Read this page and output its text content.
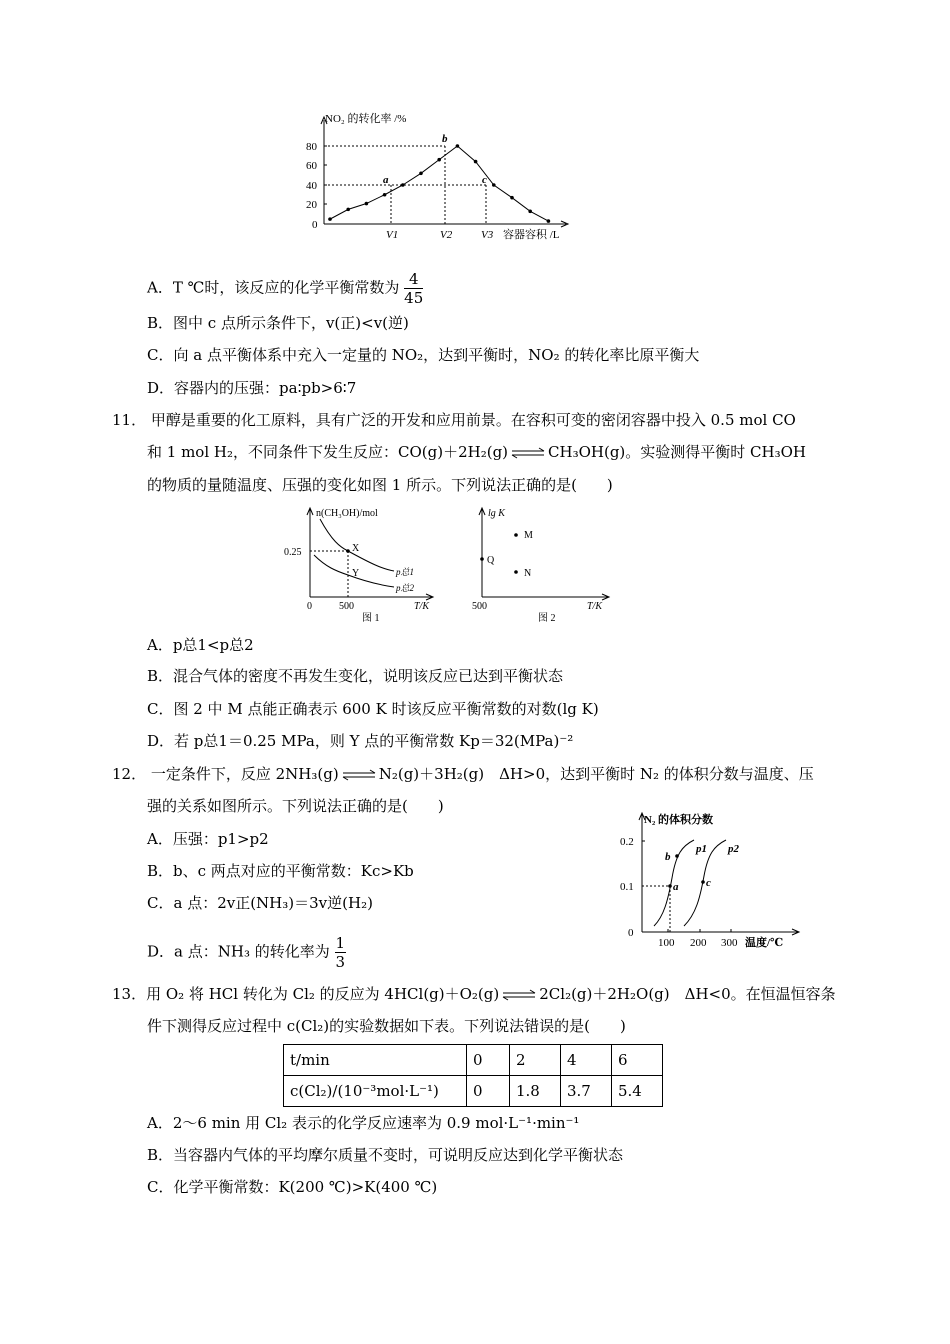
NO₂ 的转化率 /%
80
60
40
20
0
V1	V2	V3 容器容积 /L
a
b
c
A．T ℃时，该反应的化学平衡常数为 $\frac{4}{45}$
B．图中 c 点所示条件下，v(正)<v(逆)
C．向 a 点平衡体系中充入一定量的 NO₂，达到平衡时，NO₂ 的转化率比原平衡大
D．容器内的压强：pa∶pb>6∶7
11． 甲醇是重要的化工原料，具有广泛的开发和应用前景。在容积可变的密闭容器中投入 0.5 mol CO
和 1 mol H₂，不同条件下发生反应：CO(g)＋2H₂(g) ⇌ CH₃OH(g)。实验测得平衡时 CH₃OH
的物质的量随温度、压强的变化如图 1 所示。下列说法正确的是(　　)
n(CH₃OH)/mol
0.25
0	500	T/K
X
Y	p总1
p总2
图 1
lg K
M
Q
N
500	T/K
图 2
A．p总1<p总2
B．混合气体的密度不再发生变化，说明该反应已达到平衡状态
C．图 2 中 M 点能正确表示 600 K 时该反应平衡常数的对数(lg K)
D．若 p总1＝0.25 MPa，则 Y 点的平衡常数 Kp＝32(MPa)⁻²
12． 一定条件下，反应 2NH₃(g) ⇌ N₂(g)＋3H₂(g)　ΔH>0，达到平衡时 N₂ 的体积分数与温度、压
强的关系如图所示。下列说法正确的是(　　)
A．压强：p1>p2
B．b、c 两点对应的平衡常数：Kc>Kb
C．a 点：2v正(NH₃)＝3v逆(H₂)
D．a 点：NH₃ 的转化率为 $\frac{1}{3}$
N₂ 的体积分数
0.2
0.1
0
100 200 300 温度/℃
p1 p2
a
b
c
13．用 O₂ 将 HCl 转化为 Cl₂ 的反应为 4HCl(g)＋O₂(g) ⇌ 2Cl₂(g)＋2H₂O(g)　ΔH<0。在恒温恒容条
件下测得反应过程中 c(Cl₂)的实验数据如下表。下列说法错误的是(　　)
t/min	0	2	4	6
c(Cl₂)/(10⁻³mol·L⁻¹)	0	1.8	3.7	5.4
A．2～6 min 用 Cl₂ 表示的化学反应速率为 0.9 mol·L⁻¹·min⁻¹
B．当容器内气体的平均摩尔质量不变时，可说明反应达到化学平衡状态
C．化学平衡常数：K(200 ℃)>K(400 ℃)
